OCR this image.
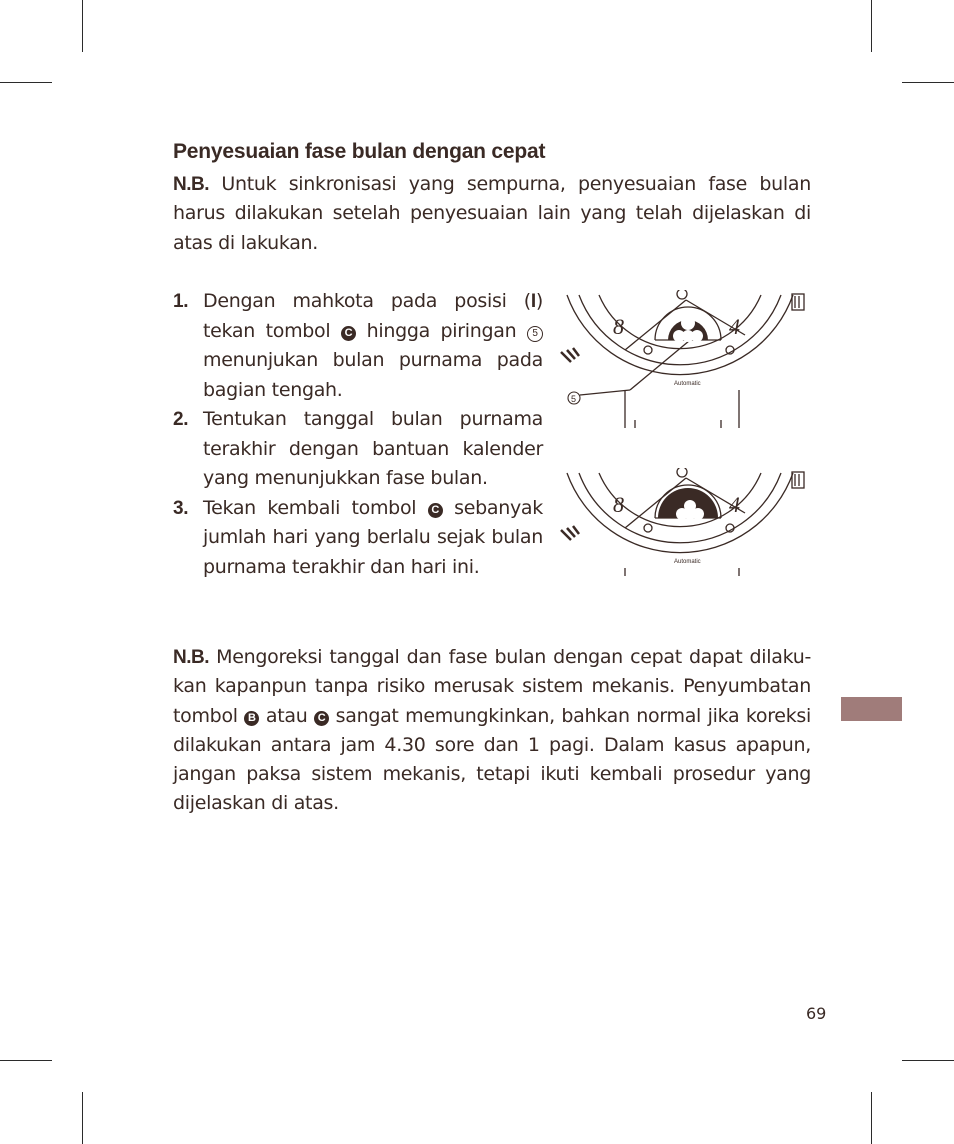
Penyesuaian fase bulan dengan cepat
N.B. Untuk sinkronisasi yang sempurna, penyesuaian fase bulan harus dilakukan setelah penyesuaian lain yang telah dijelaskan di atas di lakukan.
1. Dengan mahkota pada posisi (I) tekan tombol C hingga piringan 5 menunjukan bulan purnama pada bagian tengah.
2. Tentukan tanggal bulan purnama terakhir dengan bantuan kalender yang menunjukkan fase bulan.
3. Tekan kembali tombol C sebanyak jumlah hari yang berlalu sejak bulan purnama terakhir dan hari ini.
8	4
Automatic
5
8	4
Automatic
N.B. Mengoreksi tanggal dan fase bulan dengan cepat dapat dilaku-kan kapanpun tanpa risiko merusak sistem mekanis. Penyumbatan tombol B atau C sangat memungkinkan, bahkan normal jika koreksi dilakukan antara jam 4.30 sore dan 1 pagi. Dalam kasus apapun, jangan paksa sistem mekanis, tetapi ikuti kembali prosedur yang dijelaskan di atas.
69
